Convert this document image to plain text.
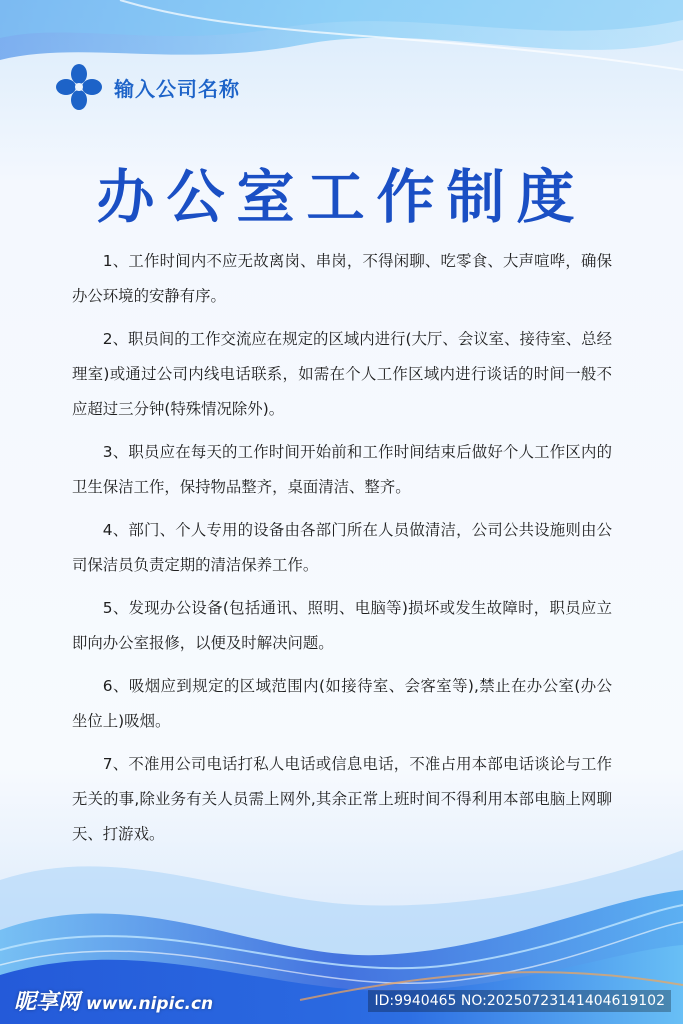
输入公司名称
办公室工作制度

1、工作时间内不应无故离岗、串岗，不得闲聊、吃零食、大声喧哗，确保办公环境的安静有序。

2、职员间的工作交流应在规定的区域内进行(大厅、会议室、接待室、总经理室)或通过公司内线电话联系，如需在个人工作区域内进行谈话的时间一般不应超过三分钟(特殊情况除外)。

3、职员应在每天的工作时间开始前和工作时间结束后做好个人工作区内的卫生保洁工作，保持物品整齐，桌面清洁、整齐。

4、部门、个人专用的设备由各部门所在人员做清洁，公司公共设施则由公司保洁员负责定期的清洁保养工作。

5、发现办公设备(包括通讯、照明、电脑等)损坏或发生故障时，职员应立即向办公室报修，以便及时解决问题。

6、吸烟应到规定的区域范围内(如接待室、会客室等),禁止在办公室(办公坐位上)吸烟。

7、不准用公司电话打私人电话或信息电话，不准占用本部电话谈论与工作无关的事,除业务有关人员需上网外,其余正常上班时间不得利用本部电脑上网聊天、打游戏。

昵享网 www.nipic.cn	ID:9940465 NO:20250723141404619102
